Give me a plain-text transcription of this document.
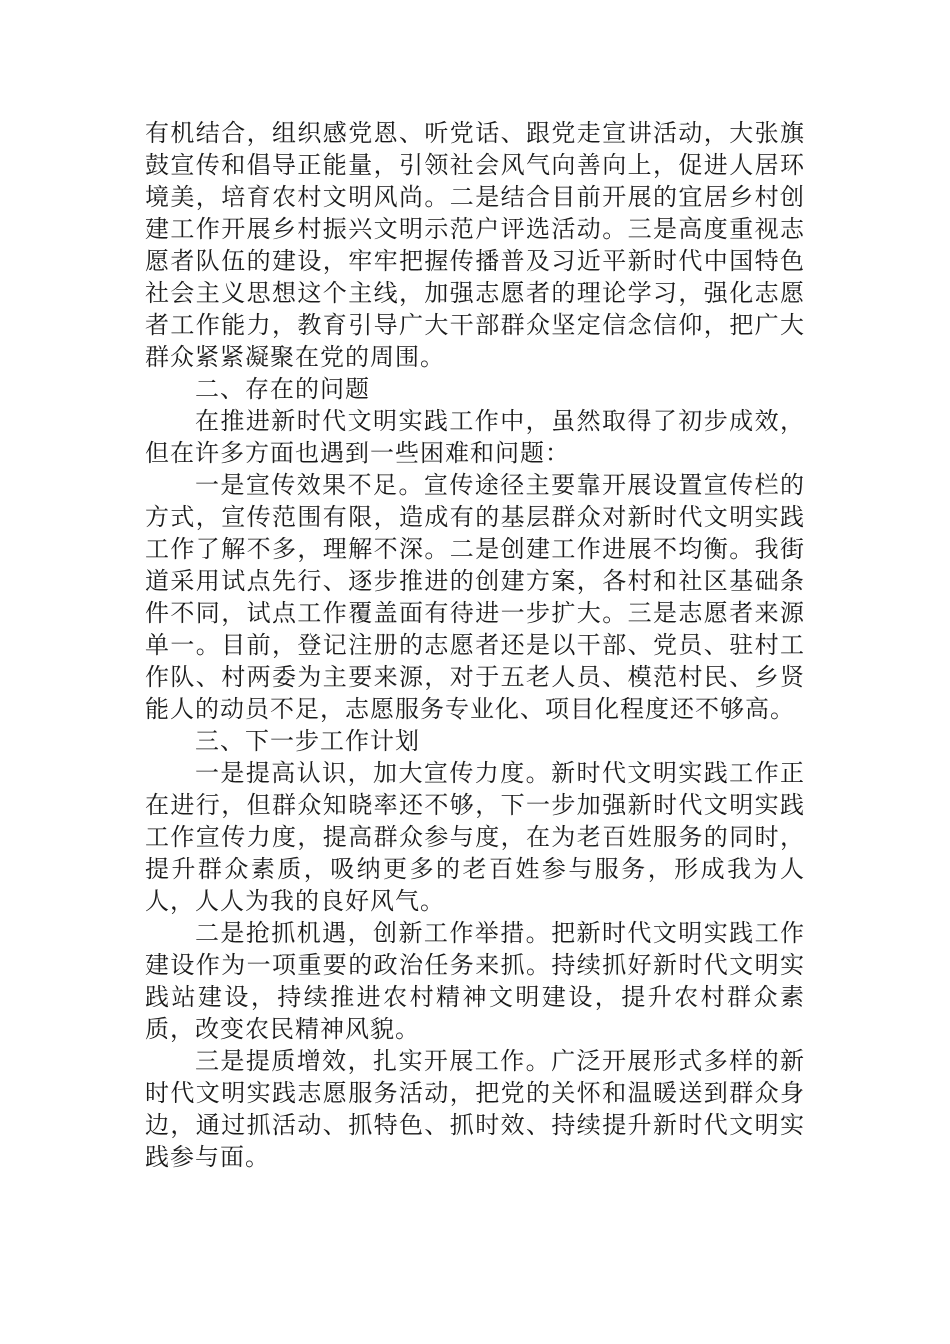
有机结合，组织感党恩、听党话、跟党走宣讲活动，大张旗鼓宣传和倡导正能量，引领社会风气向善向上，促进人居环境美，培育农村文明风尚。二是结合目前开展的宜居乡村创建工作开展乡村振兴文明示范户评选活动。三是高度重视志愿者队伍的建设，牢牢把握传播普及习近平新时代中国特色社会主义思想这个主线，加强志愿者的理论学习，强化志愿者工作能力，教育引导广大干部群众坚定信念信仰，把广大群众紧紧凝聚在党的周围。

二、存在的问题

在推进新时代文明实践工作中，虽然取得了初步成效，但在许多方面也遇到一些困难和问题：

一是宣传效果不足。宣传途径主要靠开展设置宣传栏的方式，宣传范围有限，造成有的基层群众对新时代文明实践工作了解不多，理解不深。二是创建工作进展不均衡。我街道采用试点先行、逐步推进的创建方案，各村和社区基础条件不同，试点工作覆盖面有待进一步扩大。三是志愿者来源单一。目前，登记注册的志愿者还是以干部、党员、驻村工作队、村两委为主要来源，对于五老人员、模范村民、乡贤能人的动员不足，志愿服务专业化、项目化程度还不够高。

三、下一步工作计划

一是提高认识，加大宣传力度。新时代文明实践工作正在进行，但群众知晓率还不够，下一步加强新时代文明实践工作宣传力度，提高群众参与度，在为老百姓服务的同时，提升群众素质，吸纳更多的老百姓参与服务，形成我为人人，人人为我的良好风气。

二是抢抓机遇，创新工作举措。把新时代文明实践工作建设作为一项重要的政治任务来抓。持续抓好新时代文明实践站建设，持续推进农村精神文明建设，提升农村群众素质，改变农民精神风貌。

三是提质增效，扎实开展工作。广泛开展形式多样的新时代文明实践志愿服务活动，把党的关怀和温暖送到群众身边，通过抓活动、抓特色、抓时效、持续提升新时代文明实践参与面。
